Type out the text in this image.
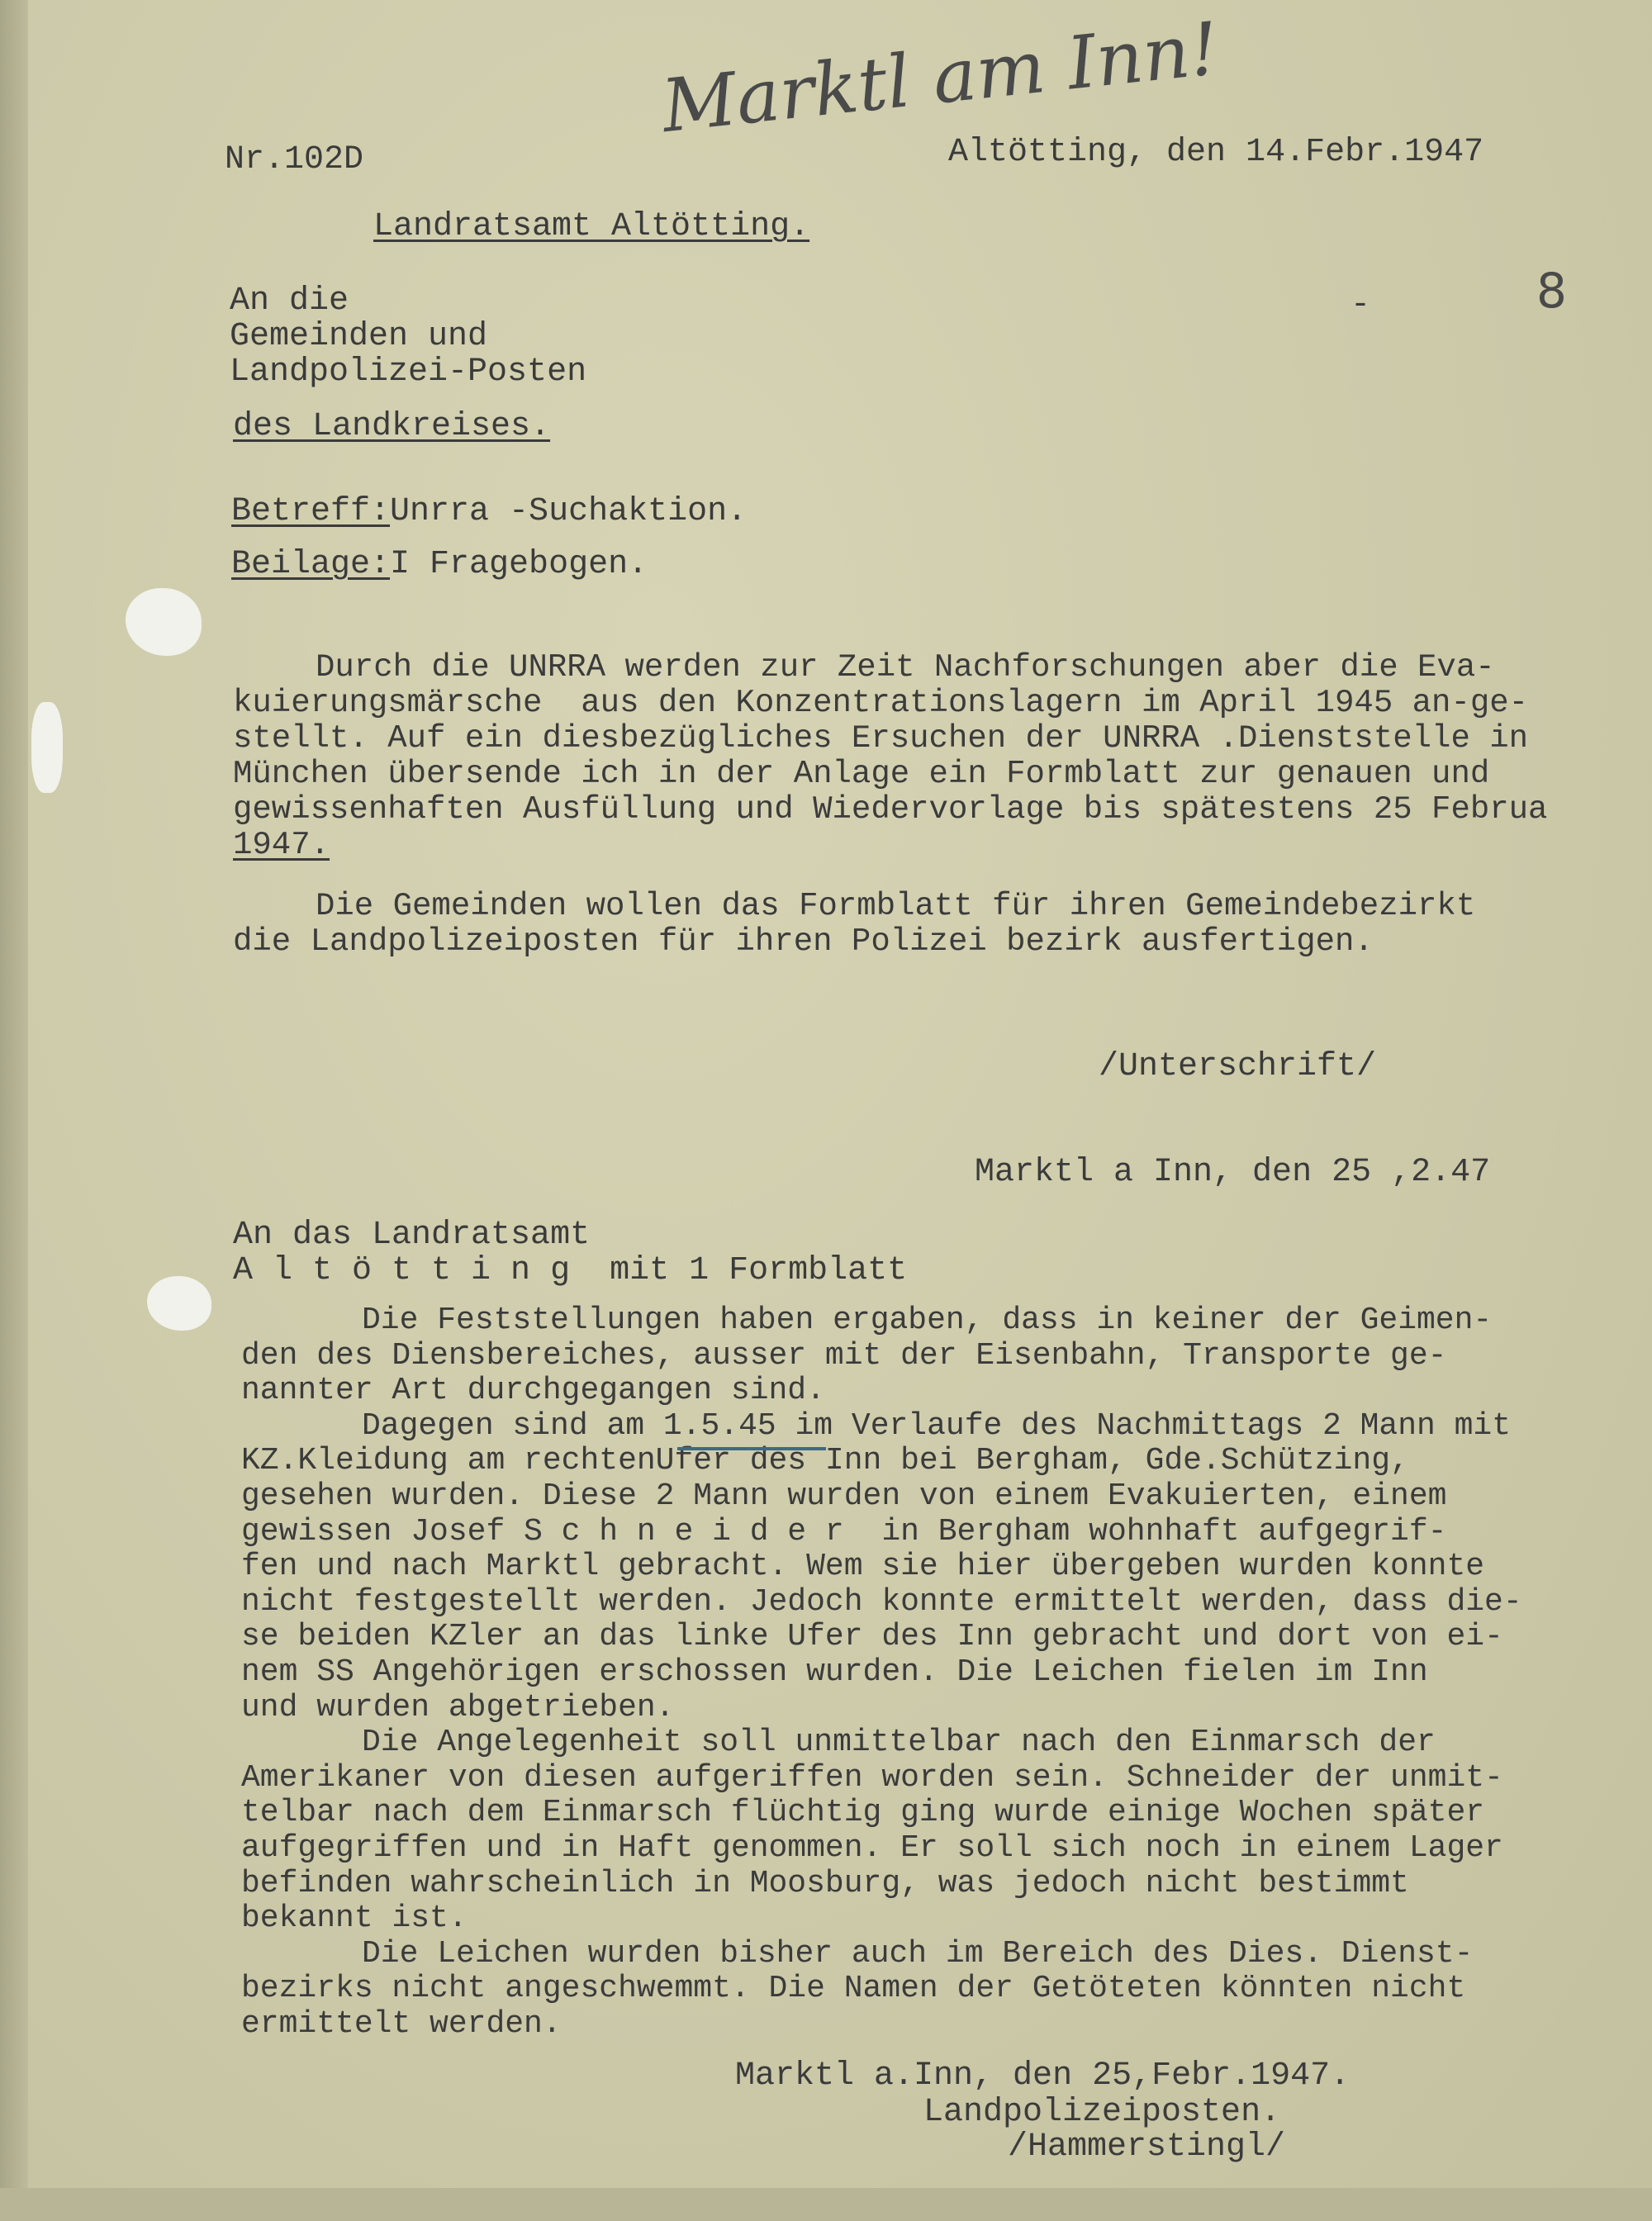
Marktl am Inn!
Nr.102D	Altötting, den 14.Febr.1947
Landratsamt Altötting.
-	8
An die
Gemeinden und
Landpolizei-Posten
des Landkreises.
Betreff:Unrra -Suchaktion.
Beilage:I Fragebogen.
Durch die UNRRA werden zur Zeit Nachforschungen aber die Eva-
kuierungsmärsche  aus den Konzentrationslagern im April 1945 an-ge-
stellt. Auf ein diesbezügliches Ersuchen der UNRRA .Dienststelle in
München übersende ich in der Anlage ein Formblatt zur genauen und
gewissenhaften Ausfüllung und Wiedervorlage bis spätestens 25 Februa
1947.
Die Gemeinden wollen das Formblatt für ihren Gemeindebezirkt
die Landpolizeiposten für ihren Polizei bezirk ausfertigen.
/Unterschrift/
Marktl a Inn, den 25 ,2.47
An das Landratsamt
A l t ö t t i n g  mit 1 Formblatt
Die Feststellungen haben ergaben, dass in keiner der Geimen-
den des Diensbereiches, ausser mit der Eisenbahn, Transporte ge-
nannter Art durchgegangen sind.
Dagegen sind am 1.5.45 im Verlaufe des Nachmittags 2 Mann mit
KZ.Kleidung am rechtenUfer des Inn bei Bergham, Gde.Schützing,
gesehen wurden. Diese 2 Mann wurden von einem Evakuierten, einem
gewissen Josef S c h n e i d e r  in Bergham wohnhaft aufgegrif-
fen und nach Marktl gebracht. Wem sie hier übergeben wurden konnte
nicht festgestellt werden. Jedoch konnte ermittelt werden, dass die-
se beiden KZler an das linke Ufer des Inn gebracht und dort von ei-
nem SS Angehörigen erschossen wurden. Die Leichen fielen im Inn
und wurden abgetrieben.
Die Angelegenheit soll unmittelbar nach den Einmarsch der
Amerikaner von diesen aufgeriffen worden sein. Schneider der unmit-
telbar nach dem Einmarsch flüchtig ging wurde einige Wochen später
aufgegriffen und in Haft genommen. Er soll sich noch in einem Lager
befinden wahrscheinlich in Moosburg, was jedoch nicht bestimmt
bekannt ist.
Die Leichen wurden bisher auch im Bereich des Dies. Dienst-
bezirks nicht angeschwemmt. Die Namen der Getöteten könnten nicht
ermittelt werden.
Marktl a.Inn, den 25,Febr.1947.
Landpolizeiposten.
/Hammerstingl/
